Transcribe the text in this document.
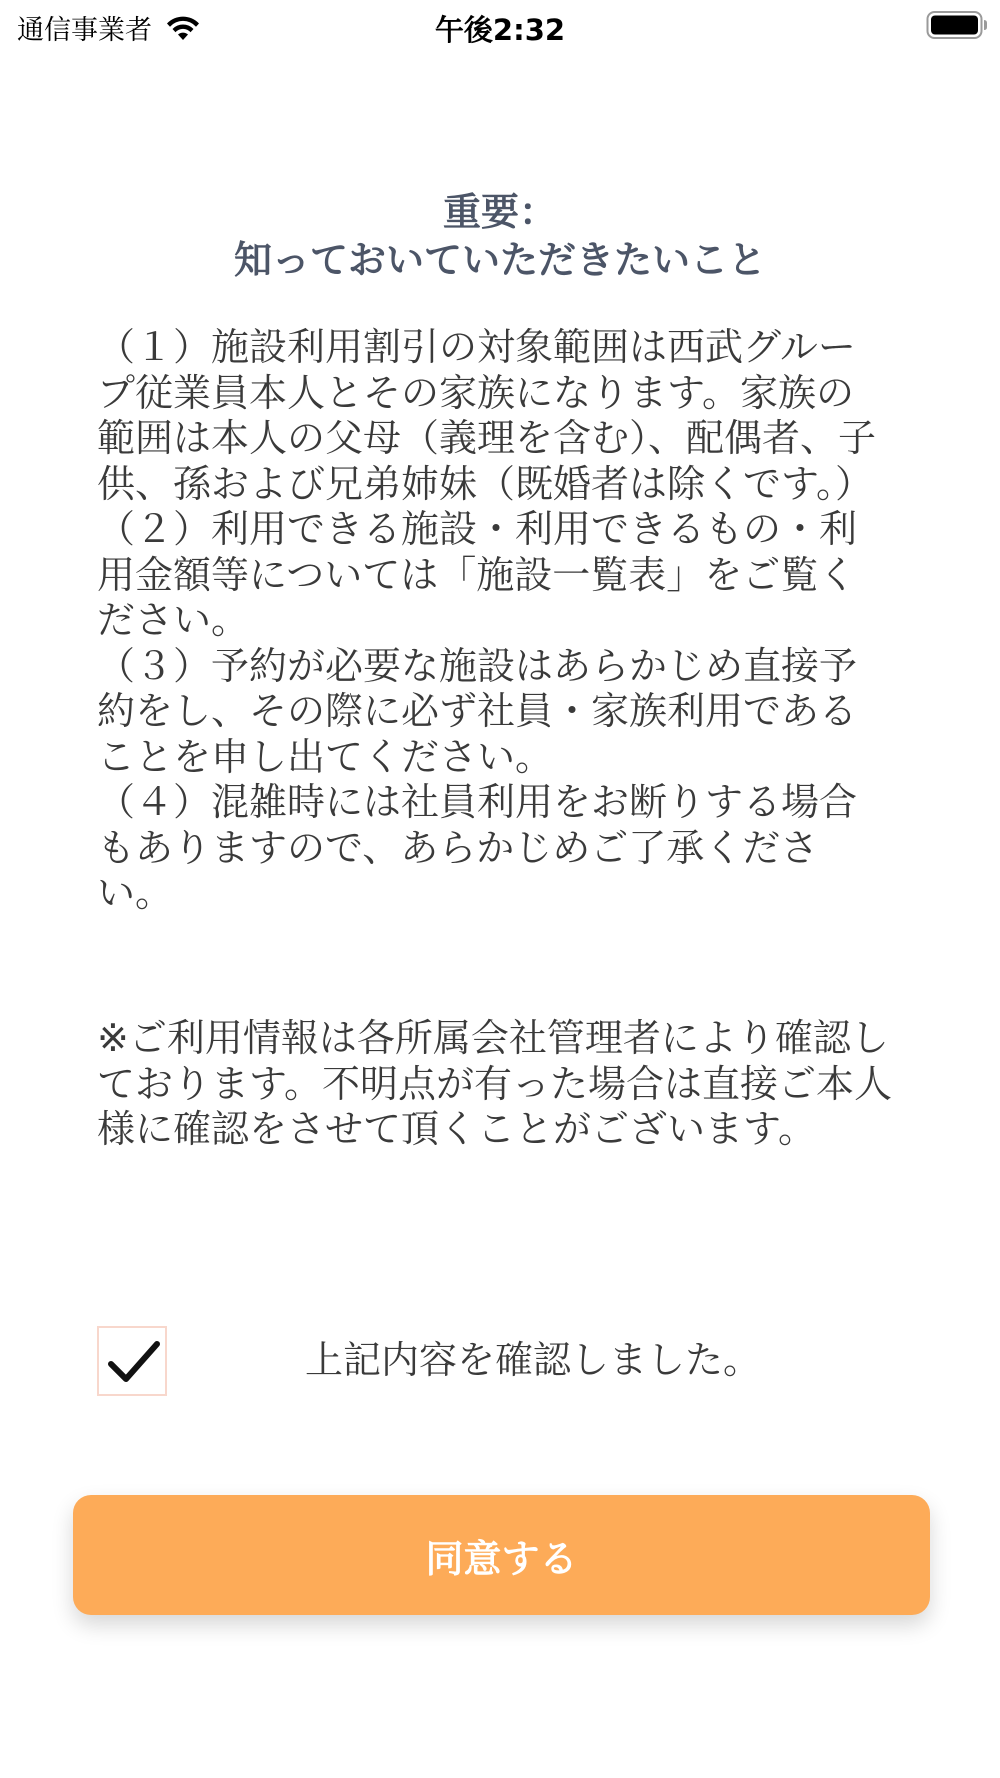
通信事業者	午後2:32
重要：
知っておいていただきたいこと

（１）施設利用割引の対象範囲は西武グループ従業員本人とその家族になります。家族の範囲は本人の父母（義理を含む）、配偶者、子供、孫および兄弟姉妹（既婚者は除くです。）

（２）利用できる施設・利用できるもの・利用金額等については「施設一覧表」をご覧ください。

（３）予約が必要な施設はあらかじめ直接予約をし、その際に必ず社員・家族利用であることを申し出てください。

（４）混雑時には社員利用をお断りする場合もありますので、あらかじめご了承ください。

※ご利用情報は各所属会社管理者により確認しております。不明点が有った場合は直接ご本人様に確認をさせて頂くことがございます。
上記内容を確認しました。
同意する
